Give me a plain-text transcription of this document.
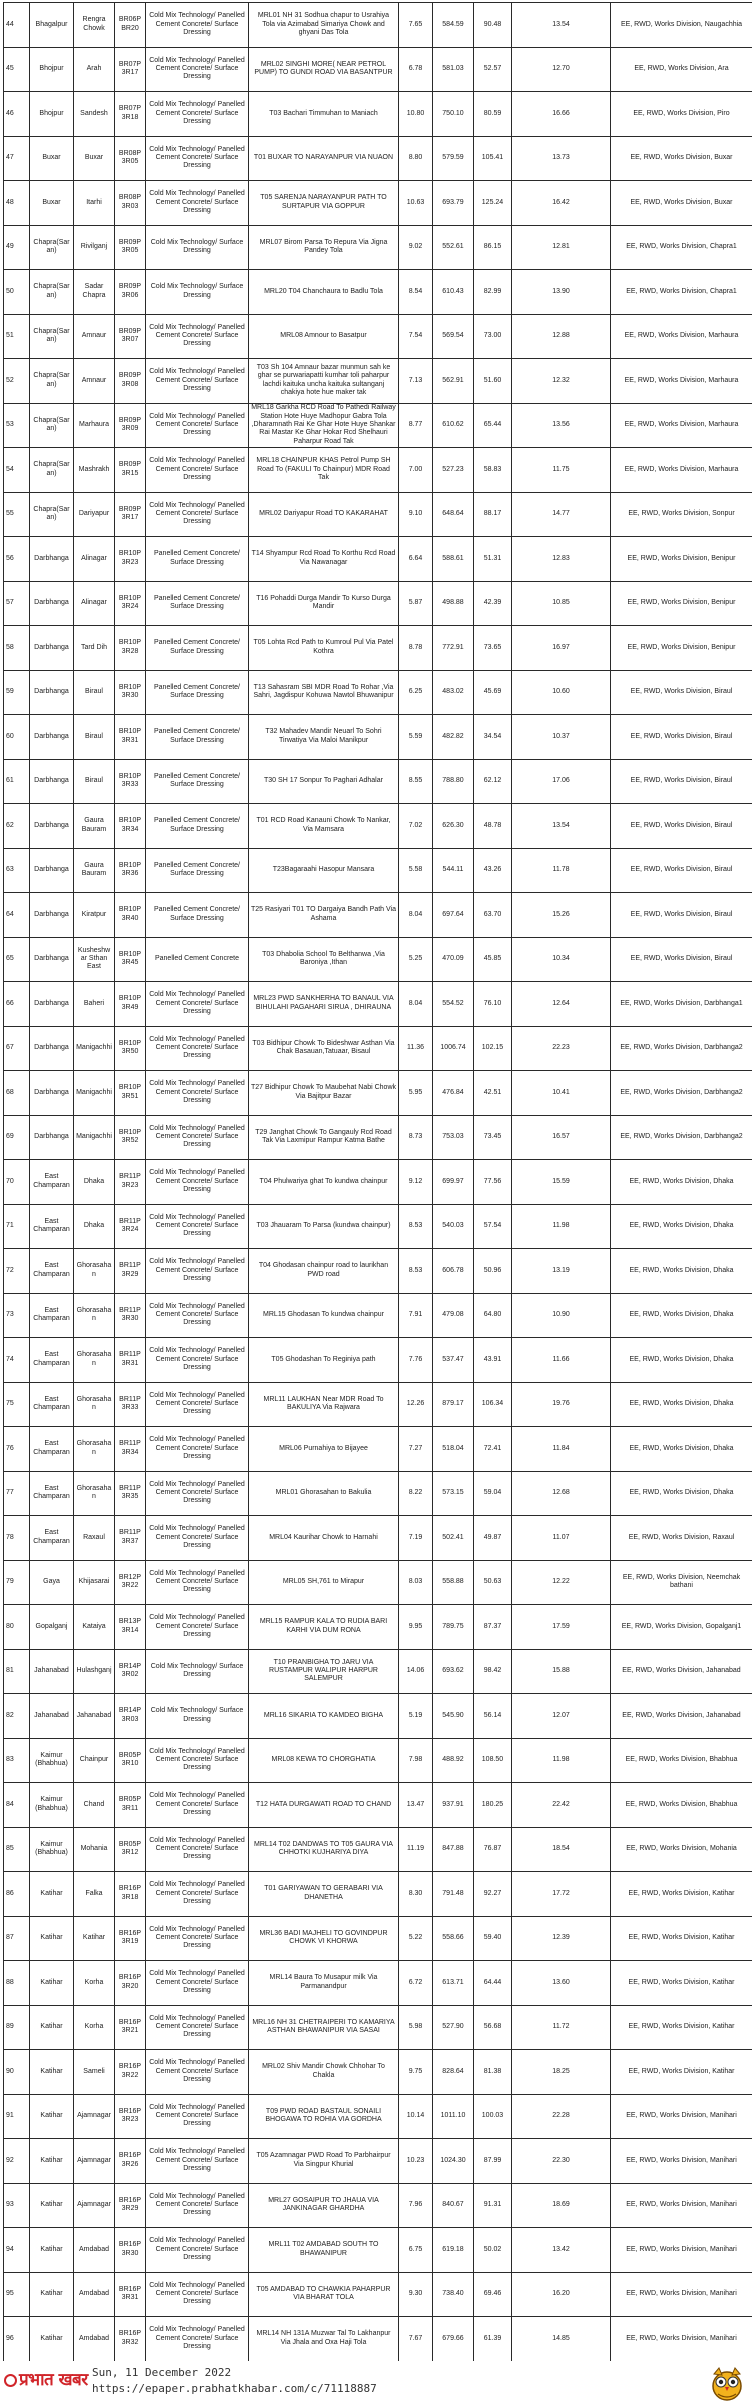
44	Bhagalpur	Rengra Chowk	BR06P BR20	Cold Mix Technology/ Panelled Cement Concrete/ Surface Dressing	MRL01 NH 31 Sodhua chapur to Usrahiya Tola via Azimabad Simariya Chowk and ghyani Das Tola	7.65	584.59	90.48	13.54	EE, RWD, Works Division, Naugachhia
45	Bhojpur	Arah	BR07P 3R17	Cold Mix Technology/ Panelled Cement Concrete/ Surface Dressing	MRL02 SINGHI MORE( NEAR PETROL PUMP) TO GUNDI ROAD VIA BASANTPUR	6.78	581.03	52.57	12.70	EE, RWD, Works Division, Ara
46	Bhojpur	Sandesh	BR07P 3R18	Cold Mix Technology/ Panelled Cement Concrete/ Surface Dressing	T03 Bachari Timmuhan to Maniach	10.80	750.10	80.59	16.66	EE, RWD, Works Division, Piro
47	Buxar	Buxar	BR08P 3R05	Cold Mix Technology/ Panelled Cement Concrete/ Surface Dressing	T01 BUXAR TO NARAYANPUR VIA NUAON	8.80	579.59	105.41	13.73	EE, RWD, Works Division, Buxar
48	Buxar	Itarhi	BR08P 3R03	Cold Mix Technology/ Panelled Cement Concrete/ Surface Dressing	T05 SARENJA NARAYANPUR PATH TO SURTAPUR VIA GOPPUR	10.63	693.79	125.24	16.42	EE, RWD, Works Division, Buxar
49	Chapra(Sar an)	Rivilganj	BR09P 3R05	Cold Mix Technology/ Surface Dressing	MRL07 Birom Parsa To Repura Via Jigna Pandey Tola	9.02	552.61	86.15	12.81	EE, RWD, Works Division, Chapra1
50	Chapra(Sar an)	Sadar Chapra	BR09P 3R06	Cold Mix Technology/ Surface Dressing	MRL20 T04 Chanchaura to Badlu Tola	8.54	610.43	82.99	13.90	EE, RWD, Works Division, Chapra1
51	Chapra(Sar an)	Amnaur	BR09P 3R07	Cold Mix Technology/ Panelled Cement Concrete/ Surface Dressing	MRL08 Amnour to Basatpur	7.54	569.54	73.00	12.88	EE, RWD, Works Division, Marhaura
52	Chapra(Sar an)	Amnaur	BR09P 3R08	Cold Mix Technology/ Panelled Cement Concrete/ Surface Dressing	T03 Sh 104 Amnaur bazar munmun sah ke ghar se purwariapatti kumhar toli paharpur lachdi kaituka uncha kaituka sultanganj chakiya hote hue maker tak	7.13	562.91	51.60	12.32	EE, RWD, Works Division, Marhaura
53	Chapra(Sar an)	Marhaura	BR09P 3R09	Cold Mix Technology/ Panelled Cement Concrete/ Surface Dressing	MRL18 Garkha RCD Road To Pathedi Railway Station Hote Huye Madhopur Gabra Tola ,Dharamnath Rai Ke Ghar Hote Huye Shankar Rai Mastar Ke Ghar Hokar Rcd Shelhauri Paharpur Road Tak	8.77	610.62	65.44	13.56	EE, RWD, Works Division, Marhaura
54	Chapra(Sar an)	Mashrakh	BR09P 3R15	Cold Mix Technology/ Panelled Cement Concrete/ Surface Dressing	MRL18 CHAINPUR KHAS Petrol Pump SH Road To (FAKULI To Chainpur) MDR Road Tak	7.00	527.23	58.83	11.75	EE, RWD, Works Division, Marhaura
55	Chapra(Sar an)	Dariyapur	BR09P 3R17	Cold Mix Technology/ Panelled Cement Concrete/ Surface Dressing	MRL02 Dariyapur Road TO KAKARAHAT	9.10	648.64	88.17	14.77	EE, RWD, Works Division, Sonpur
56	Darbhanga	Alinagar	BR10P 3R23	Panelled Cement Concrete/ Surface Dressing	T14 Shyampur Rcd Road To Korthu Rcd Road Via Nawanagar	6.64	588.61	51.31	12.83	EE, RWD, Works Division, Benipur
57	Darbhanga	Alinagar	BR10P 3R24	Panelled Cement Concrete/ Surface Dressing	T16 Pohaddi Durga Mandir To Kurso Durga Mandir	5.87	498.88	42.39	10.85	EE, RWD, Works Division, Benipur
58	Darbhanga	Tard Dih	BR10P 3R28	Panelled Cement Concrete/ Surface Dressing	T05 Lohta Rcd Path to Kumroul Pul Via Patel Kothra	8.78	772.91	73.65	16.97	EE, RWD, Works Division, Benipur
59	Darbhanga	Biraul	BR10P 3R30	Panelled Cement Concrete/ Surface Dressing	T13 Sahasram SBI MDR Road To Rohar ,Via Sahri, Jagdispur Kohuwa Nawtol Bhuwanipur	6.25	483.02	45.69	10.60	EE, RWD, Works Division, Biraul
60	Darbhanga	Biraul	BR10P 3R31	Panelled Cement Concrete/ Surface Dressing	T32 Mahadev Mandir Neuarl To Sohri Tirwatiya Via Maloi Manikpur	5.59	482.82	34.54	10.37	EE, RWD, Works Division, Biraul
61	Darbhanga	Biraul	BR10P 3R33	Panelled Cement Concrete/ Surface Dressing	T30 SH 17 Sonpur To Paghari Adhalar	8.55	788.80	62.12	17.06	EE, RWD, Works Division, Biraul
62	Darbhanga	Gaura Bauram	BR10P 3R34	Panelled Cement Concrete/ Surface Dressing	T01 RCD Road Kanauni Chowk To Nankar, Via Mamsara	7.02	626.30	48.78	13.54	EE, RWD, Works Division, Biraul
63	Darbhanga	Gaura Bauram	BR10P 3R36	Panelled Cement Concrete/ Surface Dressing	T23Bagaraahi Hasopur Mansara	5.58	544.11	43.26	11.78	EE, RWD, Works Division, Biraul
64	Darbhanga	Kiratpur	BR10P 3R40	Panelled Cement Concrete/ Surface Dressing	T25 Rasiyari T01 TO Dargaiya Bandh Path Via Ashama	8.04	697.64	63.70	15.26	EE, RWD, Works Division, Biraul
65	Darbhanga	Kusheshwar Sthan East	BR10P 3R45	Panelled Cement Concrete	T03 Dhabolia School To Belthanwa ,Via Baroniya ,Ithan	5.25	470.09	45.85	10.34	EE, RWD, Works Division, Biraul
66	Darbhanga	Baheri	BR10P 3R49	Cold Mix Technology/ Panelled Cement Concrete/ Surface Dressing	MRL23 PWD SANKHERHA TO BANAUL VIA BIHULAHI PAGAHARI SIRUA , DHIRAUNA	8.04	554.52	76.10	12.64	EE, RWD, Works Division, Darbhanga1
67	Darbhanga	Manigachhi	BR10P 3R50	Cold Mix Technology/ Panelled Cement Concrete/ Surface Dressing	T03 Bidhipur Chowk To Bideshwar Asthan Via Chak Basauan,Tatuaar, Bisaul	11.36	1006.74	102.15	22.23	EE, RWD, Works Division, Darbhanga2
68	Darbhanga	Manigachhi	BR10P 3R51	Cold Mix Technology/ Panelled Cement Concrete/ Surface Dressing	T27 Bidhipur Chowk To Maubehat Nabi Chowk Via Bajitpur Bazar	5.95	476.84	42.51	10.41	EE, RWD, Works Division, Darbhanga2
69	Darbhanga	Manigachhi	BR10P 3R52	Cold Mix Technology/ Panelled Cement Concrete/ Surface Dressing	T29 Janghat Chowk To Gangauly Rcd Road Tak Via Laxmipur Rampur Katma Bathe	8.73	753.03	73.45	16.57	EE, RWD, Works Division, Darbhanga2
70	East Champaran	Dhaka	BR11P 3R23	Cold Mix Technology/ Panelled Cement Concrete/ Surface Dressing	T04 Phulwariya ghat To kundwa chainpur	9.12	699.97	77.56	15.59	EE, RWD, Works Division, Dhaka
71	East Champaran	Dhaka	BR11P 3R24	Cold Mix Technology/ Panelled Cement Concrete/ Surface Dressing	T03 Jhauaram To Parsa (kundwa chainpur)	8.53	540.03	57.54	11.98	EE, RWD, Works Division, Dhaka
72	East Champaran	Ghorasahan	BR11P 3R29	Cold Mix Technology/ Panelled Cement Concrete/ Surface Dressing	T04 Ghodasan chainpur road to laurikhan PWD road	8.53	606.78	50.96	13.19	EE, RWD, Works Division, Dhaka
73	East Champaran	Ghorasahan	BR11P 3R30	Cold Mix Technology/ Panelled Cement Concrete/ Surface Dressing	MRL15 Ghodasan To kundwa chainpur	7.91	479.08	64.80	10.90	EE, RWD, Works Division, Dhaka
74	East Champaran	Ghorasahan	BR11P 3R31	Cold Mix Technology/ Panelled Cement Concrete/ Surface Dressing	T05 Ghodashan To Reginiya path	7.76	537.47	43.91	11.66	EE, RWD, Works Division, Dhaka
75	East Champaran	Ghorasahan	BR11P 3R33	Cold Mix Technology/ Panelled Cement Concrete/ Surface Dressing	MRL11 LAUKHAN Near MDR Road To BAKULIYA Via Rajwara	12.26	879.17	106.34	19.76	EE, RWD, Works Division, Dhaka
76	East Champaran	Ghorasahan	BR11P 3R34	Cold Mix Technology/ Panelled Cement Concrete/ Surface Dressing	MRL06 Purnahiya to Bijayee	7.27	518.04	72.41	11.84	EE, RWD, Works Division, Dhaka
77	East Champaran	Ghorasahan	BR11P 3R35	Cold Mix Technology/ Panelled Cement Concrete/ Surface Dressing	MRL01 Ghorasahan to Bakulia	8.22	573.15	59.04	12.68	EE, RWD, Works Division, Dhaka
78	East Champaran	Raxaul	BR11P 3R37	Cold Mix Technology/ Panelled Cement Concrete/ Surface Dressing	MRL04 Kaurihar Chowk to Harnahi	7.19	502.41	49.87	11.07	EE, RWD, Works Division, Raxaul
79	Gaya	Khijasarai	BR12P 3R22	Cold Mix Technology/ Panelled Cement Concrete/ Surface Dressing	MRL05 SH,761 to Mirapur	8.03	558.88	50.63	12.22	EE, RWD, Works Division, Neemchak bathani
80	Gopalganj	Kataiya	BR13P 3R14	Cold Mix Technology/ Panelled Cement Concrete/ Surface Dressing	MRL15 RAMPUR KALA TO RUDIA BARI KARHI VIA DUM RONA	9.95	789.75	87.37	17.59	EE, RWD, Works Division, Gopalganj1
81	Jahanabad	Hulashganj	BR14P 3R02	Cold Mix Technology/ Surface Dressing	T10 PRANBIGHA TO JARU VIA RUSTAMPUR WALIPUR HARPUR SALEMPUR	14.06	693.62	98.42	15.88	EE, RWD, Works Division, Jahanabad
82	Jahanabad	Jahanabad	BR14P 3R03	Cold Mix Technology/ Surface Dressing	MRL16 SIKARIA TO KAMDEO BIGHA	5.19	545.90	56.14	12.07	EE, RWD, Works Division, Jahanabad
83	Kaimur (Bhabhua)	Chainpur	BR05P 3R10	Cold Mix Technology/ Panelled Cement Concrete/ Surface Dressing	MRL08 KEWA TO CHORGHATIA	7.98	488.92	108.50	11.98	EE, RWD, Works Division, Bhabhua
84	Kaimur (Bhabhua)	Chand	BR05P 3R11	Cold Mix Technology/ Panelled Cement Concrete/ Surface Dressing	T12 HATA DURGAWATI ROAD TO CHAND	13.47	937.91	180.25	22.42	EE, RWD, Works Division, Bhabhua
85	Kaimur (Bhabhua)	Mohania	BR05P 3R12	Cold Mix Technology/ Panelled Cement Concrete/ Surface Dressing	MRL14 T02 DANDWAS TO T05 GAURA VIA CHHOTKI KUJHARIYA DIYA	11.19	847.88	76.87	18.54	EE, RWD, Works Division, Mohania
86	Katihar	Falka	BR16P 3R18	Cold Mix Technology/ Panelled Cement Concrete/ Surface Dressing	T01 GARIYAWAN TO GERABARI VIA DHANETHA	8.30	791.48	92.27	17.72	EE, RWD, Works Division, Katihar
87	Katihar	Katihar	BR16P 3R19	Cold Mix Technology/ Panelled Cement Concrete/ Surface Dressing	MRL36 BADI MAJHELI TO GOVINDPUR CHOWK VI KHORWA	5.22	558.66	59.40	12.39	EE, RWD, Works Division, Katihar
88	Katihar	Korha	BR16P 3R20	Cold Mix Technology/ Panelled Cement Concrete/ Surface Dressing	MRL14 Baura To Musapur milk Via Parmanandpur	6.72	613.71	64.44	13.60	EE, RWD, Works Division, Katihar
89	Katihar	Korha	BR16P 3R21	Cold Mix Technology/ Panelled Cement Concrete/ Surface Dressing	MRL16 NH 31 CHETRAIPERI TO KAMARIYA ASTHAN BHAWANIPUR VIA SASAI	5.98	527.90	56.68	11.72	EE, RWD, Works Division, Katihar
90	Katihar	Sameli	BR16P 3R22	Cold Mix Technology/ Panelled Cement Concrete/ Surface Dressing	MRL02 Shiv Mandir Chowk Chhohar To Chakla	9.75	828.64	81.38	18.25	EE, RWD, Works Division, Katihar
91	Katihar	Ajamnagar	BR16P 3R23	Cold Mix Technology/ Panelled Cement Concrete/ Surface Dressing	T09 PWD ROAD BASTAUL SONAILI BHOGAWA TO ROHIA VIA GORDHA	10.14	1011.10	100.03	22.28	EE, RWD, Works Division, Manihari
92	Katihar	Ajamnagar	BR16P 3R26	Cold Mix Technology/ Panelled Cement Concrete/ Surface Dressing	T05 Azamnagar PWD Road To Parbhairpur Via Singpur Khurial	10.23	1024.30	87.99	22.30	EE, RWD, Works Division, Manihari
93	Katihar	Ajamnagar	BR16P 3R29	Cold Mix Technology/ Panelled Cement Concrete/ Surface Dressing	MRL27 GOSAIPUR TO JHAUA VIA JANKINAGAR GHARDHA	7.96	840.67	91.31	18.69	EE, RWD, Works Division, Manihari
94	Katihar	Amdabad	BR16P 3R30	Cold Mix Technology/ Panelled Cement Concrete/ Surface Dressing	MRL11 T02 AMDABAD SOUTH TO BHAWANIPUR	6.75	619.18	50.02	13.42	EE, RWD, Works Division, Manihari
95	Katihar	Amdabad	BR16P 3R31	Cold Mix Technology/ Panelled Cement Concrete/ Surface Dressing	T05 AMDABAD TO CHAWKIA PAHARPUR VIA BHARAT TOLA	9.30	738.40	69.46	16.20	EE, RWD, Works Division, Manihari
96	Katihar	Amdabad	BR16P 3R32	Cold Mix Technology/ Panelled Cement Concrete/ Surface Dressing	MRL14 NH 131A Muzwar Tal To Lakhanpur Via Jhala and Oxa Haji Tola	7.67	679.66	61.39	14.85	EE, RWD, Works Division, Manihari
प्रभात खबर Sun, 11 December 2022
https://epaper.prabhatkhabar.com/c/71118887
